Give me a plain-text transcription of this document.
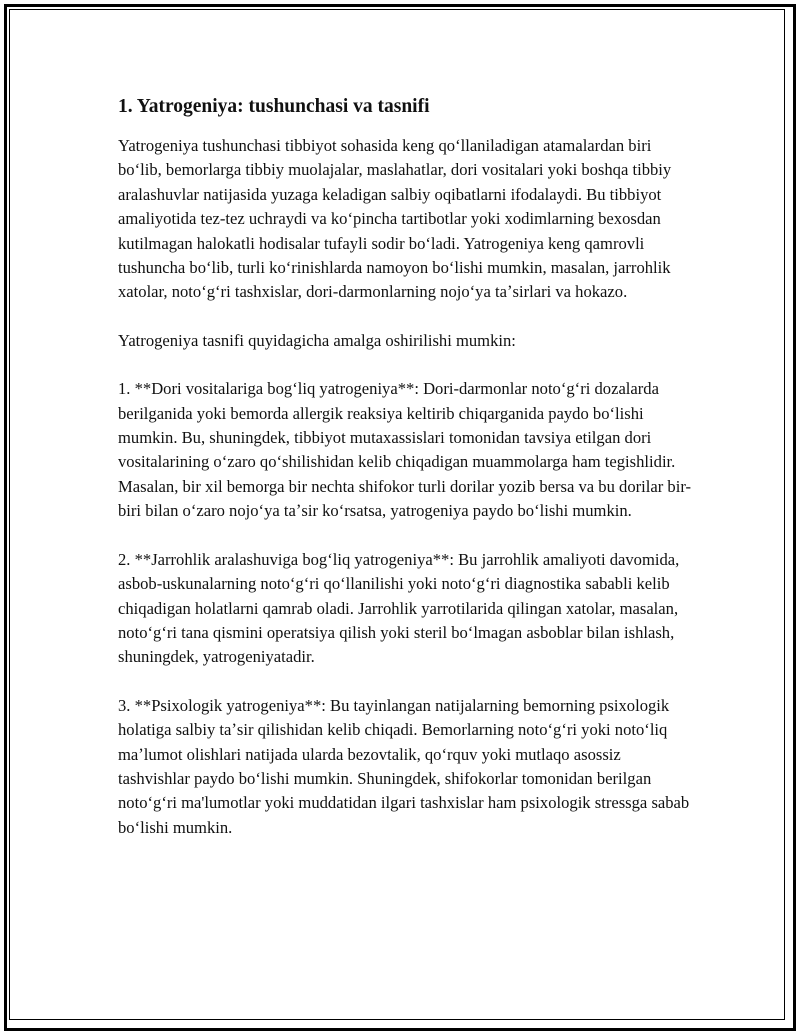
1. Yatrogeniya: tushunchasi va tasnifi

Yatrogeniya tushunchasi tibbiyot sohasida keng qoʻllaniladigan atamalardan biri boʻlib, bemorlarga tibbiy muolajalar, maslahatlar, dori vositalari yoki boshqa tibbiy aralashuvlar natijasida yuzaga keladigan salbiy oqibatlarni ifodalaydi. Bu tibbiyot amaliyotida tez-tez uchraydi va koʻpincha tartibotlar yoki xodimlarning bexosdan kutilmagan halokatli hodisalar tufayli sodir boʻladi. Yatrogeniya keng qamrovli tushuncha boʻlib, turli koʻrinishlarda namoyon boʻlishi mumkin, masalan, jarrohlik xatolar, notoʻgʻri tashxislar, dori-darmonlarning nojoʻya taʼsirlari va hokazo.

Yatrogeniya tasnifi quyidagicha amalga oshirilishi mumkin:

1. **Dori vositalariga bogʻliq yatrogeniya**: Dori-darmonlar notoʻgʻri dozalarda berilganida yoki bemorda allergik reaksiya keltirib chiqarganida paydo boʻlishi mumkin. Bu, shuningdek, tibbiyot mutaxassislari tomonidan tavsiya etilgan dori vositalarining oʻzaro qoʻshilishidan kelib chiqadigan muammolarga ham tegishlidir. Masalan, bir xil bemorga bir nechta shifokor turli dorilar yozib bersa va bu dorilar bir-biri bilan oʻzaro nojoʻya taʼsir koʻrsatsa, yatrogeniya paydo boʻlishi mumkin.

2. **Jarrohlik aralashuviga bogʻliq yatrogeniya**: Bu jarrohlik amaliyoti davomida, asbob-uskunalarning notoʻgʻri qoʻllanilishi yoki notoʻgʻri diagnostika sababli kelib chiqadigan holatlarni qamrab oladi. Jarrohlik yarrotilarida qilingan xatolar, masalan, notoʻgʻri tana qismini operatsiya qilish yoki steril boʻlmagan asboblar bilan ishlash, shuningdek, yatrogeniyatadir.

3. **Psixologik yatrogeniya**: Bu tayinlangan natijalarning bemorning psixologik holatiga salbiy taʼsir qilishidan kelib chiqadi. Bemorlarning notoʻgʻri yoki notoʻliq maʼlumot olishlari natijada ularda bezovtalik, qoʻrquv yoki mutlaqo asossiz tashvishlar paydo boʻlishi mumkin. Shuningdek, shifokorlar tomonidan berilgan notoʻgʻri ma'lumotlar yoki muddatidan ilgari tashxislar ham psixologik stressga sabab boʻlishi mumkin.
